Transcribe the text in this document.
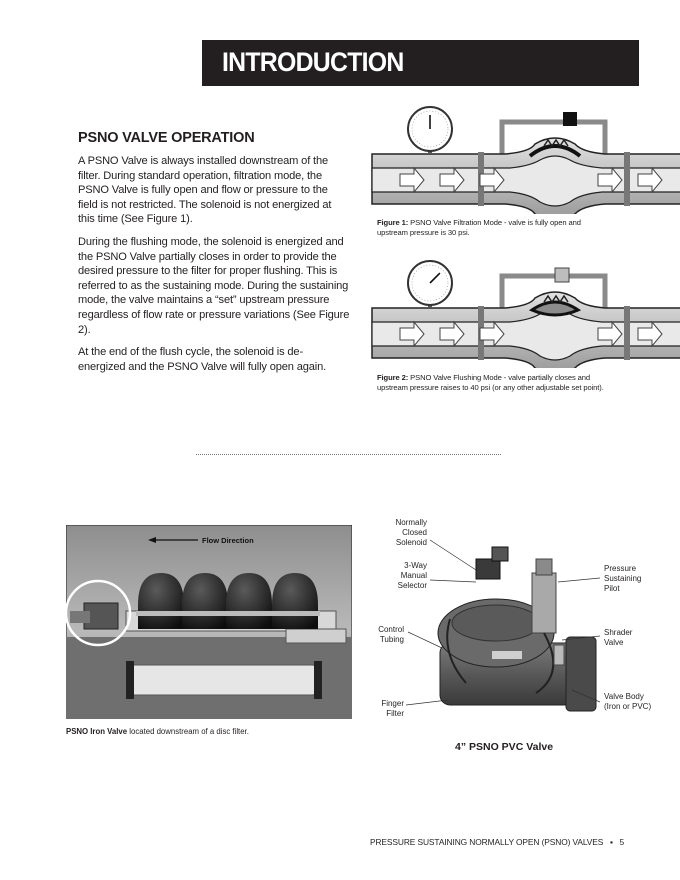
INTRODUCTION
PSNO VALVE OPERATION

A PSNO Valve is always installed downstream of the filter. During standard operation, filtration mode, the PSNO Valve is fully open and flow or pressure to the field is not restricted. The solenoid is not energized at this time (See Figure 1).

During the flushing mode, the solenoid is energized and the PSNO Valve partially closes in order to provide the desired pressure to the filter for proper flushing. This is referred to as the sustaining mode. During the sustaining mode, the valve maintains a “set” upstream pressure regardless of flow rate or pressure variations (See Figure 2).

At the end of the flush cycle, the solenoid is de-energized and the PSNO Valve will fully open again.

Figure 1: PSNO Valve Filtration Mode - valve is fully open and upstream pressure is 30 psi.
Figure 2: PSNO Valve Flushing Mode - valve partially closes and upstream pressure raises to 40 psi (or any other adjustable set point).
Flow Direction
PSNO Iron Valve located downstream of a disc filter.
Normally
Closed
Solenoid
3-Way
Manual
Selector
Control
Tubing
Finger
Filter
Pressure
Sustaining
Pilot
Shrader
Valve
Valve Body
(Iron or PVC)
4” PSNO PVC Valve
PRESSURE SUSTAINING NORMALLY OPEN (PSNO) VALVES ▪ 5
